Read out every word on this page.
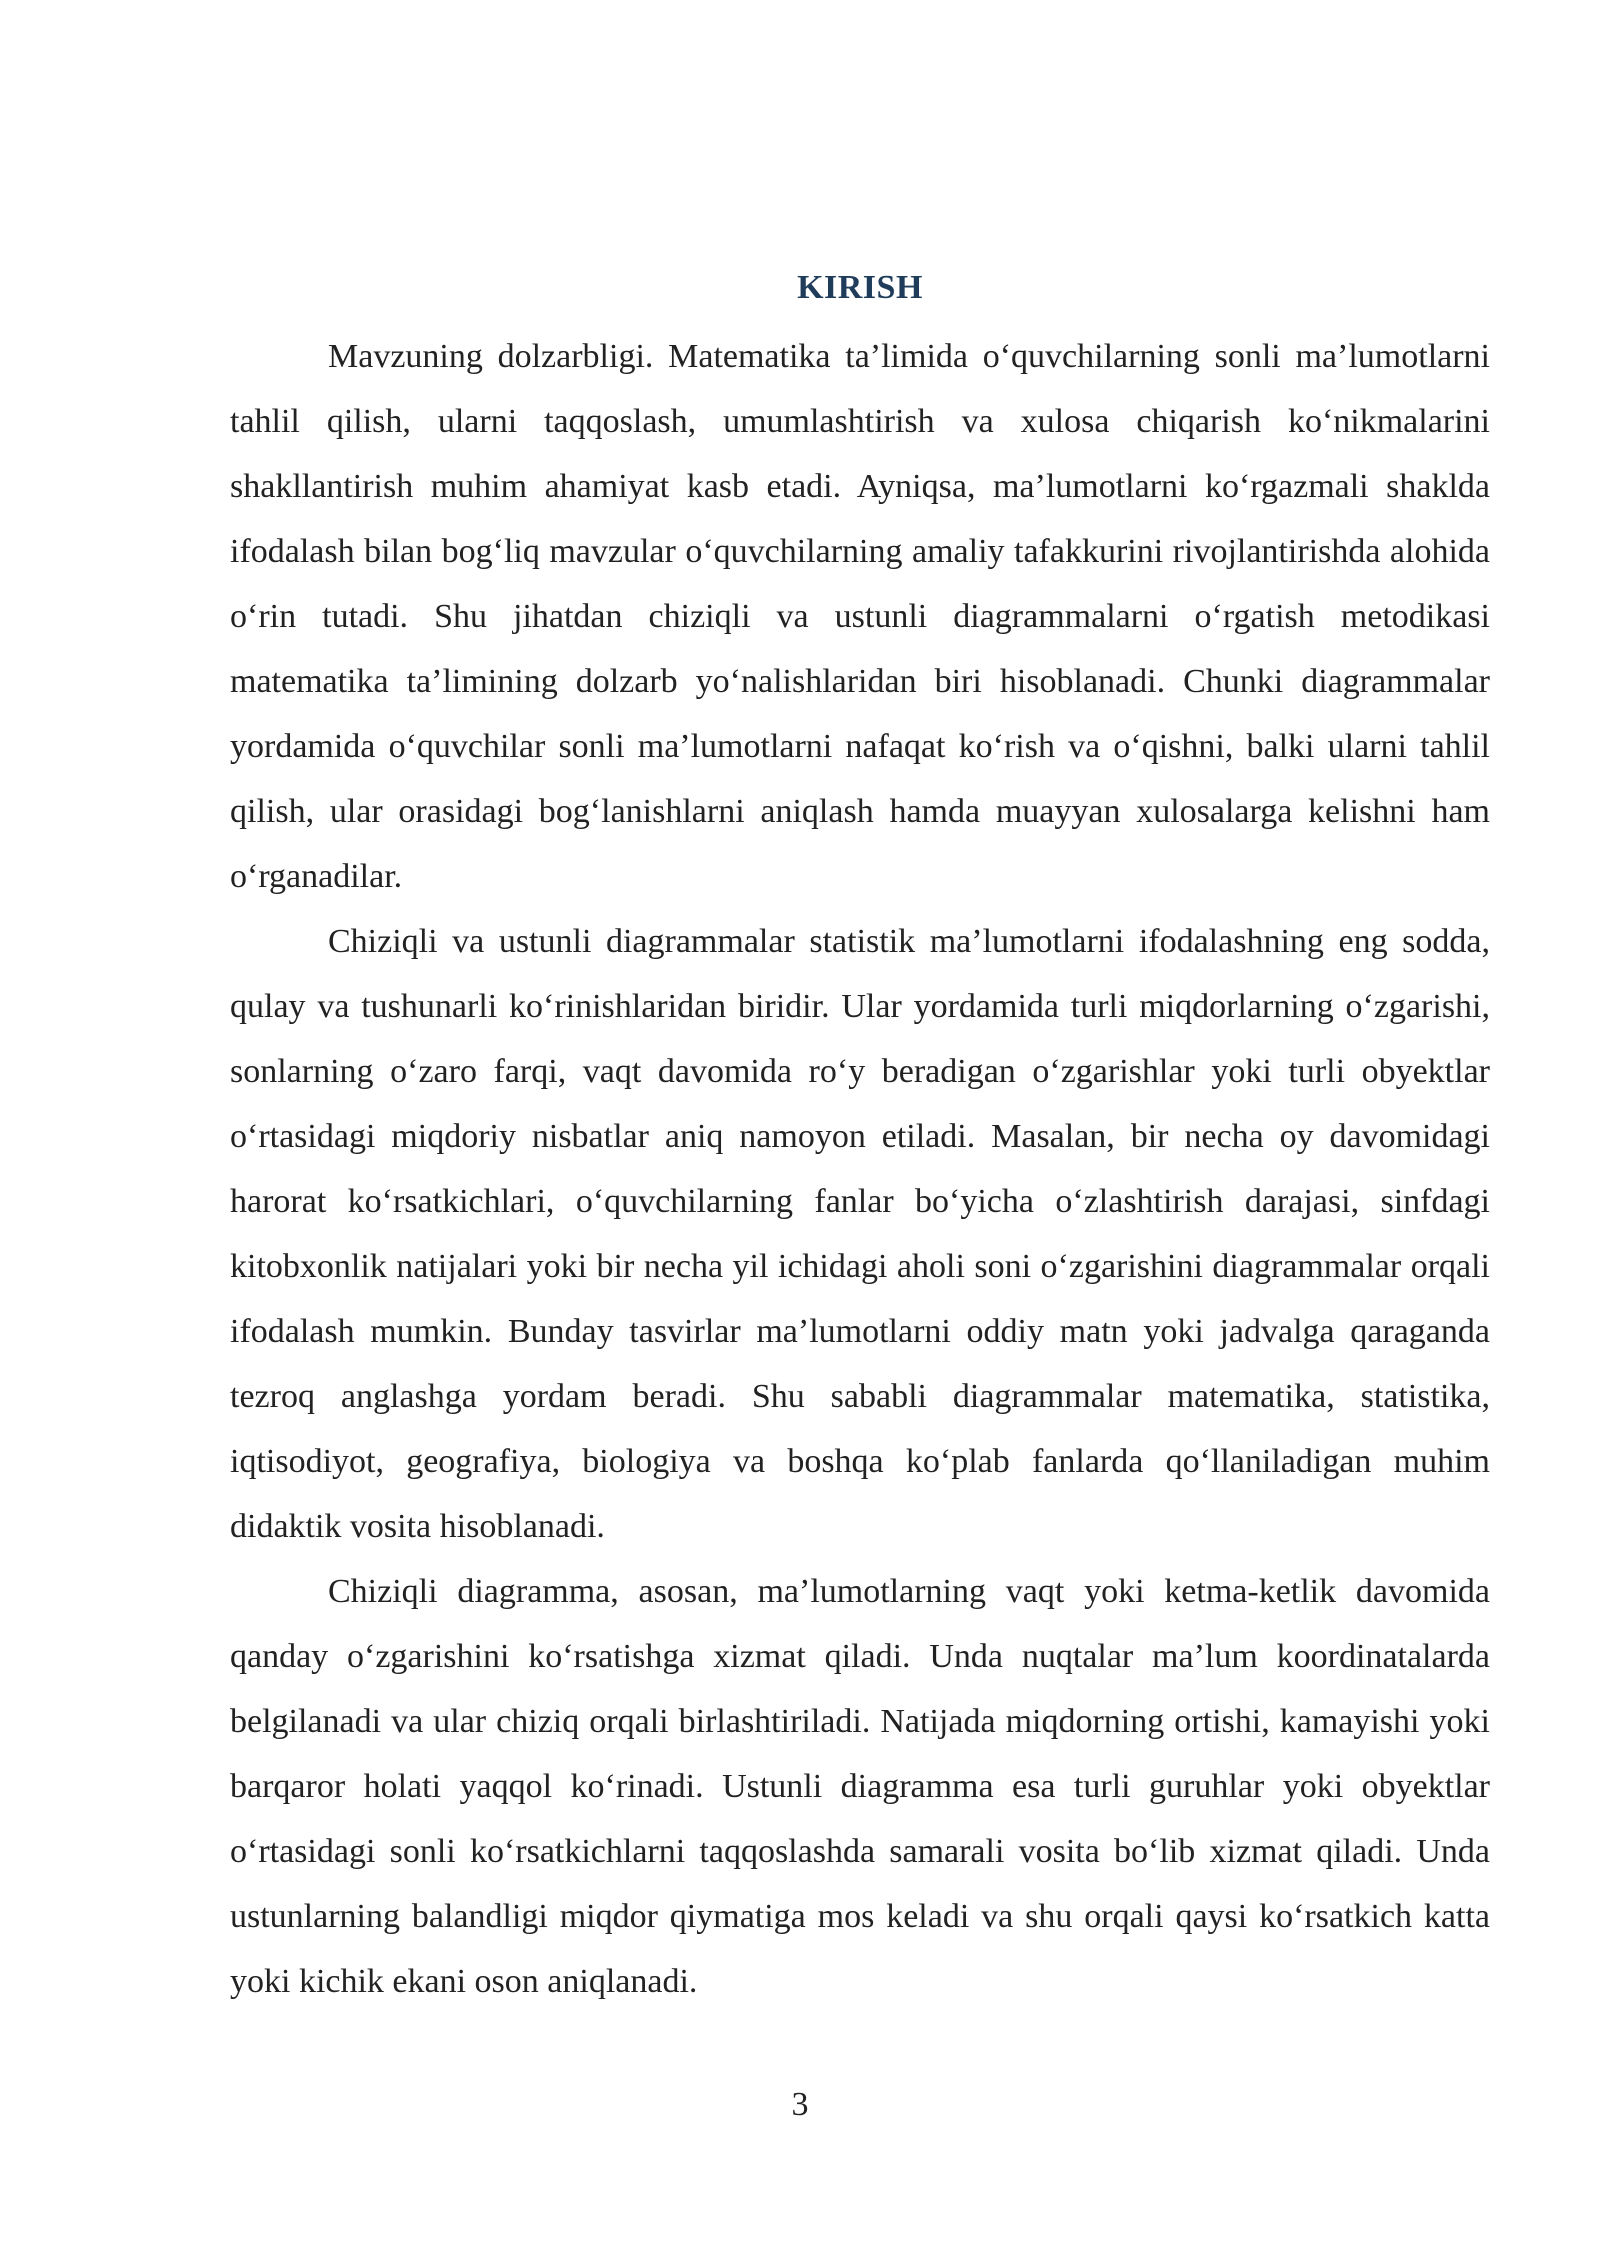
KIRISH

Mavzuning dolzarbligi. Matematika ta’limida o‘quvchilarning sonli ma’lumotlarni tahlil qilish, ularni taqqoslash, umumlashtirish va xulosa chiqarish ko‘nikmalarini shakllantirish muhim ahamiyat kasb etadi. Ayniqsa, ma’lumotlarni ko‘rgazmali shaklda ifodalash bilan bog‘liq mavzular o‘quvchilarning amaliy tafakkurini rivojlantirishda alohida o‘rin tutadi. Shu jihatdan chiziqli va ustunli diagrammalarni o‘rgatish metodikasi matematika ta’limining dolzarb yo‘nalishlaridan biri hisoblanadi. Chunki diagrammalar yordamida o‘quvchilar sonli ma’lumotlarni nafaqat ko‘rish va o‘qishni, balki ularni tahlil qilish, ular orasidagi bog‘lanishlarni aniqlash hamda muayyan xulosalarga kelishni ham o‘rganadilar.

Chiziqli va ustunli diagrammalar statistik ma’lumotlarni ifodalashning eng sodda, qulay va tushunarli ko‘rinishlaridan biridir. Ular yordamida turli miqdorlarning o‘zgarishi, sonlarning o‘zaro farqi, vaqt davomida ro‘y beradigan o‘zgarishlar yoki turli obyektlar o‘rtasidagi miqdoriy nisbatlar aniq namoyon etiladi. Masalan, bir necha oy davomidagi harorat ko‘rsatkichlari, o‘quvchilarning fanlar bo‘yicha o‘zlashtirish darajasi, sinfdagi kitobxonlik natijalari yoki bir necha yil ichidagi aholi soni o‘zgarishini diagrammalar orqali ifodalash mumkin. Bunday tasvirlar ma’lumotlarni oddiy matn yoki jadvalga qaraganda tezroq anglashga yordam beradi. Shu sababli diagrammalar matematika, statistika, iqtisodiyot, geografiya, biologiya va boshqa ko‘plab fanlarda qo‘llaniladigan muhim didaktik vosita hisoblanadi.

Chiziqli diagramma, asosan, ma’lumotlarning vaqt yoki ketma-ketlik davomida qanday o‘zgarishini ko‘rsatishga xizmat qiladi. Unda nuqtalar ma’lum koordinatalarda belgilanadi va ular chiziq orqali birlashtiriladi. Natijada miqdorning ortishi, kamayishi yoki barqaror holati yaqqol ko‘rinadi. Ustunli diagramma esa turli guruhlar yoki obyektlar o‘rtasidagi sonli ko‘rsatkichlarni taqqoslashda samarali vosita bo‘lib xizmat qiladi. Unda ustunlarning balandligi miqdor qiymatiga mos keladi va shu orqali qaysi ko‘rsatkich katta yoki kichik ekani oson aniqlanadi.

3
